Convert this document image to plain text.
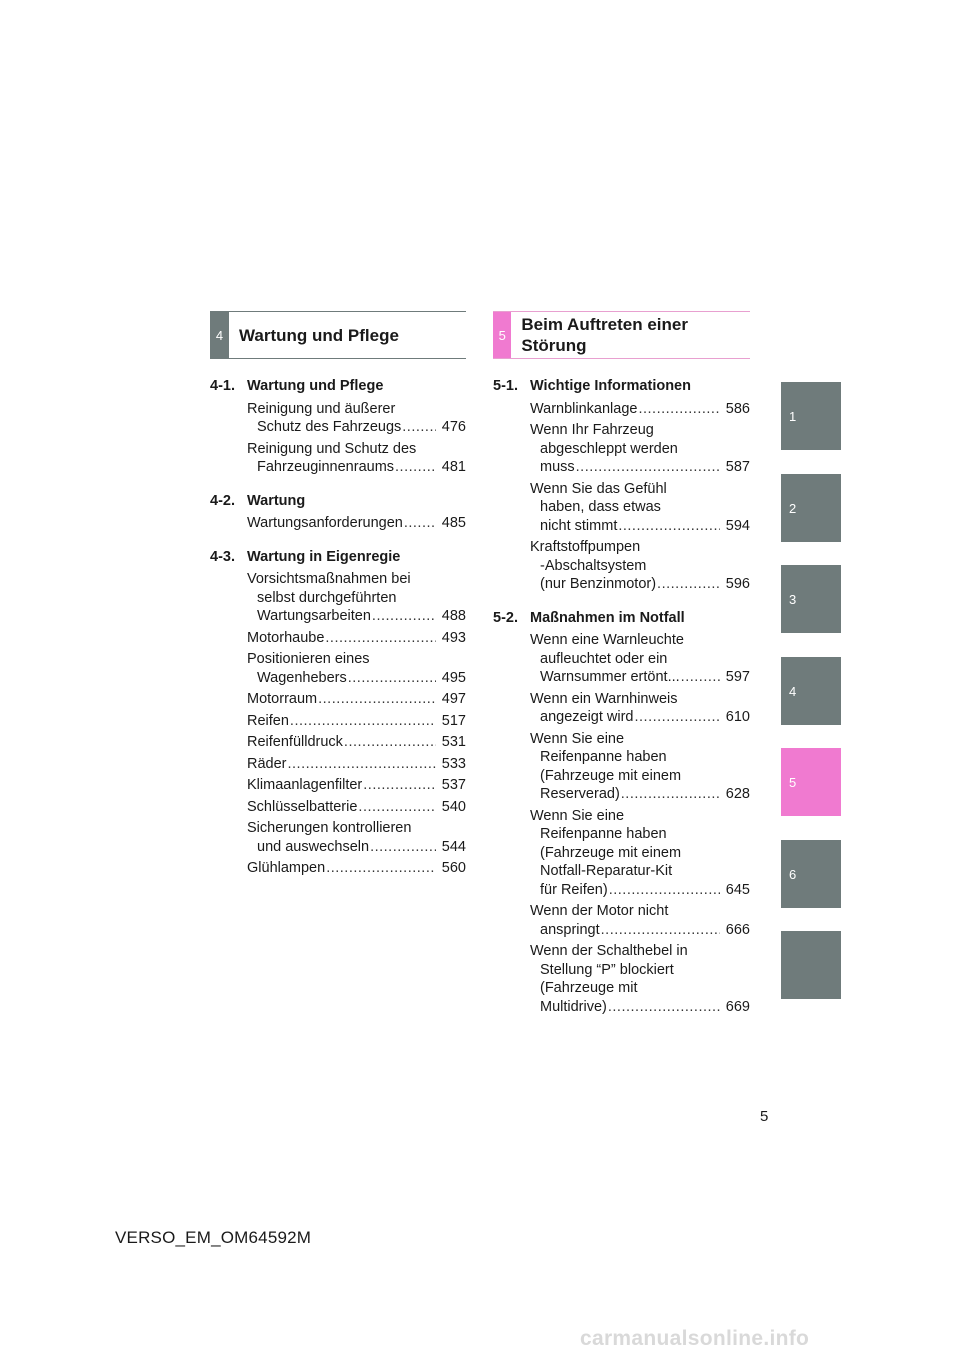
4 Wartung und Pflege	5
Beim Auftreten einer Störung
4-1. Wartung und Pflege
Reinigung und äußerer
Schutz des Fahrzeugs .....	476
Reinigung und Schutz des
Fahrzeuginnenraums .....	481
4-2. Wartung
Wartungsanforderungen .....	485
4-3. Wartung in Eigenregie
Vorsichtsmaßnahmen bei
selbst durchgeführten
Wartungsarbeiten .....	488
Motorhaube .....	493
Positionieren eines
Wagenhebers .....	495
Motorraum .....	497
Reifen .....	517
Reifenfülldruck .....	531
Räder .....	533
Klimaanlagenfilter .....	537
Schlüsselbatterie .....	540
Sicherungen kontrollieren
und auswechseln .....	544
Glühlampen .....	560
5-1. Wichtige Informationen
Warnblinkanlage .....	586
Wenn Ihr Fahrzeug
abgeschleppt werden
muss .....	587
Wenn Sie das Gefühl
haben, dass etwas
nicht stimmt .....	594
Kraftstoffpumpen
-Abschaltsystem
(nur Benzinmotor) .....	596
5-2. Maßnahmen im Notfall
Wenn eine Warnleuchte
aufleuchtet oder ein
Warnsummer ertönt... .....	597
Wenn ein Warnhinweis
angezeigt wird .....	610
Wenn Sie eine
Reifenpanne haben
(Fahrzeuge mit einem
Reserverad) .....	628
Wenn Sie eine
Reifenpanne haben
(Fahrzeuge mit einem
Notfall-Reparatur-Kit
für Reifen) .....	645
Wenn der Motor nicht
anspringt .....	666
Wenn der Schalthebel in
Stellung “P” blockiert
(Fahrzeuge mit
Multidrive) .....	669
1
2
3
4
5
6
5
VERSO_EM_OM64592M
carmanualsonline.info
